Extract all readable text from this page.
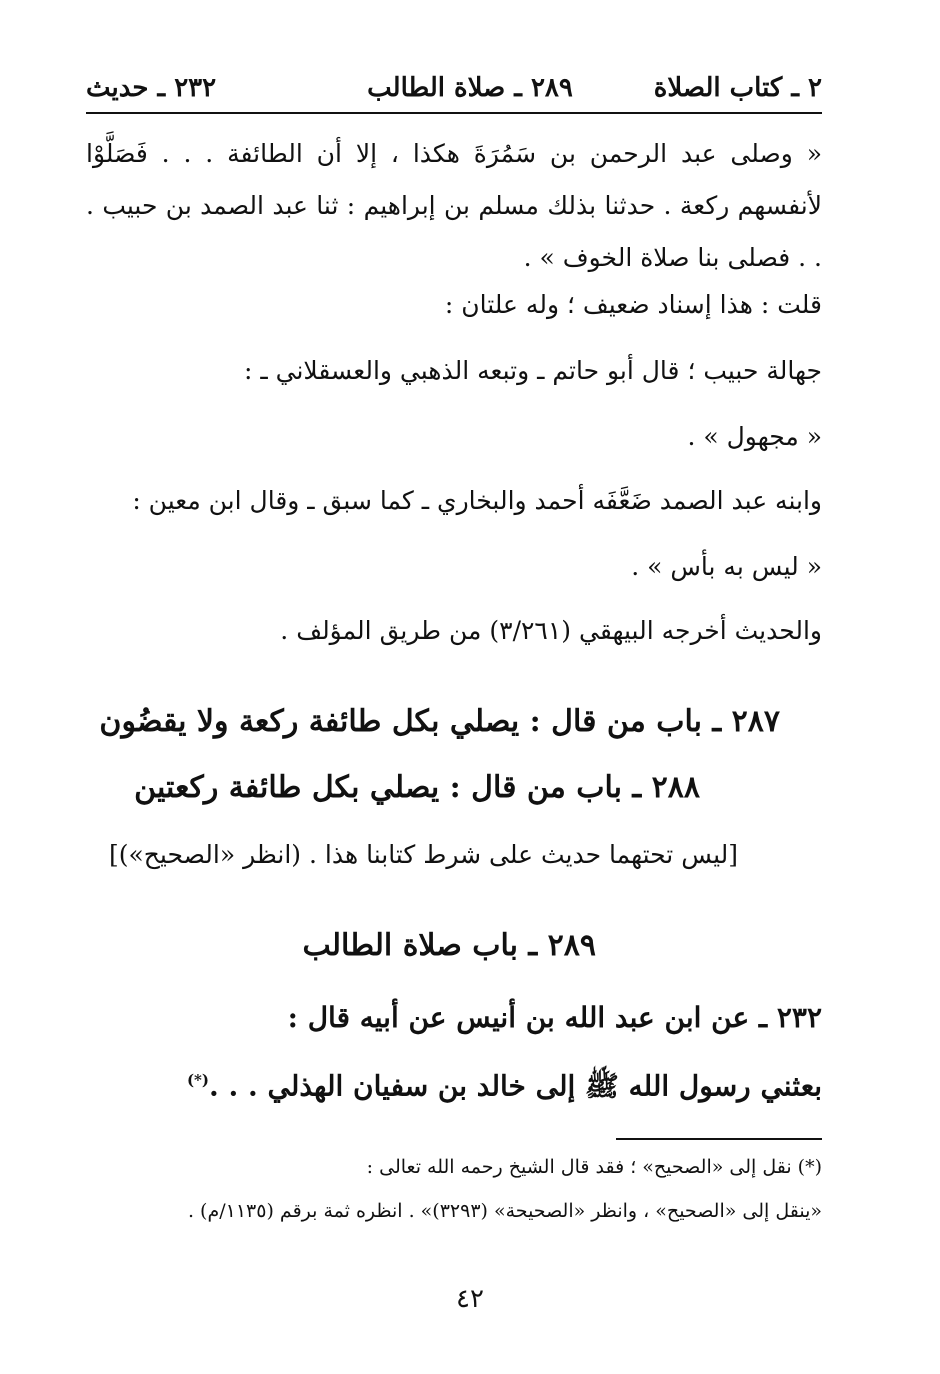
٢ ـ كتاب الصلاة
٢٨٩ ـ صلاة الطالب
٢٣٢ ـ حديث
« وصلى عبد الرحمن بن سَمُرَةَ هكذا ، إلا أن الطائفة . . . فَصَلَّوْا لأنفسهم ركعة . حدثنا بذلك مسلم بن إبراهيم : ثنا عبد الصمد بن حبيب . . . فصلى بنا صلاة الخوف » .
قلت : هذا إسناد ضعيف ؛ وله علتان :
جهالة حبيب ؛ قال أبو حاتم ـ وتبعه الذهبي والعسقلاني ـ :
« مجهول » .
وابنه عبد الصمد ضَعَّفَه أحمد والبخاري ـ كما سبق ـ وقال ابن معين :
« ليس به بأس » .
والحديث أخرجه البيهقي (٣/٢٦١) من طريق المؤلف .
٢٨٧ ـ باب من قال : يصلي بكل طائفة ركعة ولا يقضُون
٢٨٨ ـ باب من قال : يصلي بكل طائفة ركعتين
[ليس تحتهما حديث على شرط كتابنا هذا . (انظر «الصحيح»)]
٢٨٩ ـ باب صلاة الطالب
٢٣٢ ـ عن ابن عبد الله بن أنيس عن أبيه قال :
بعثني رسول الله ﷺ إلى خالد بن سفيان الهذلي . . .(*)
(*) نقل إلى «الصحيح» ؛ فقد قال الشيخ رحمه الله تعالى :
«ينقل إلى «الصحيح» ، وانظر «الصحيحة» (٣٢٩٣)» . انظره ثمة برقم (١١٣٥/م) .
٤٢
